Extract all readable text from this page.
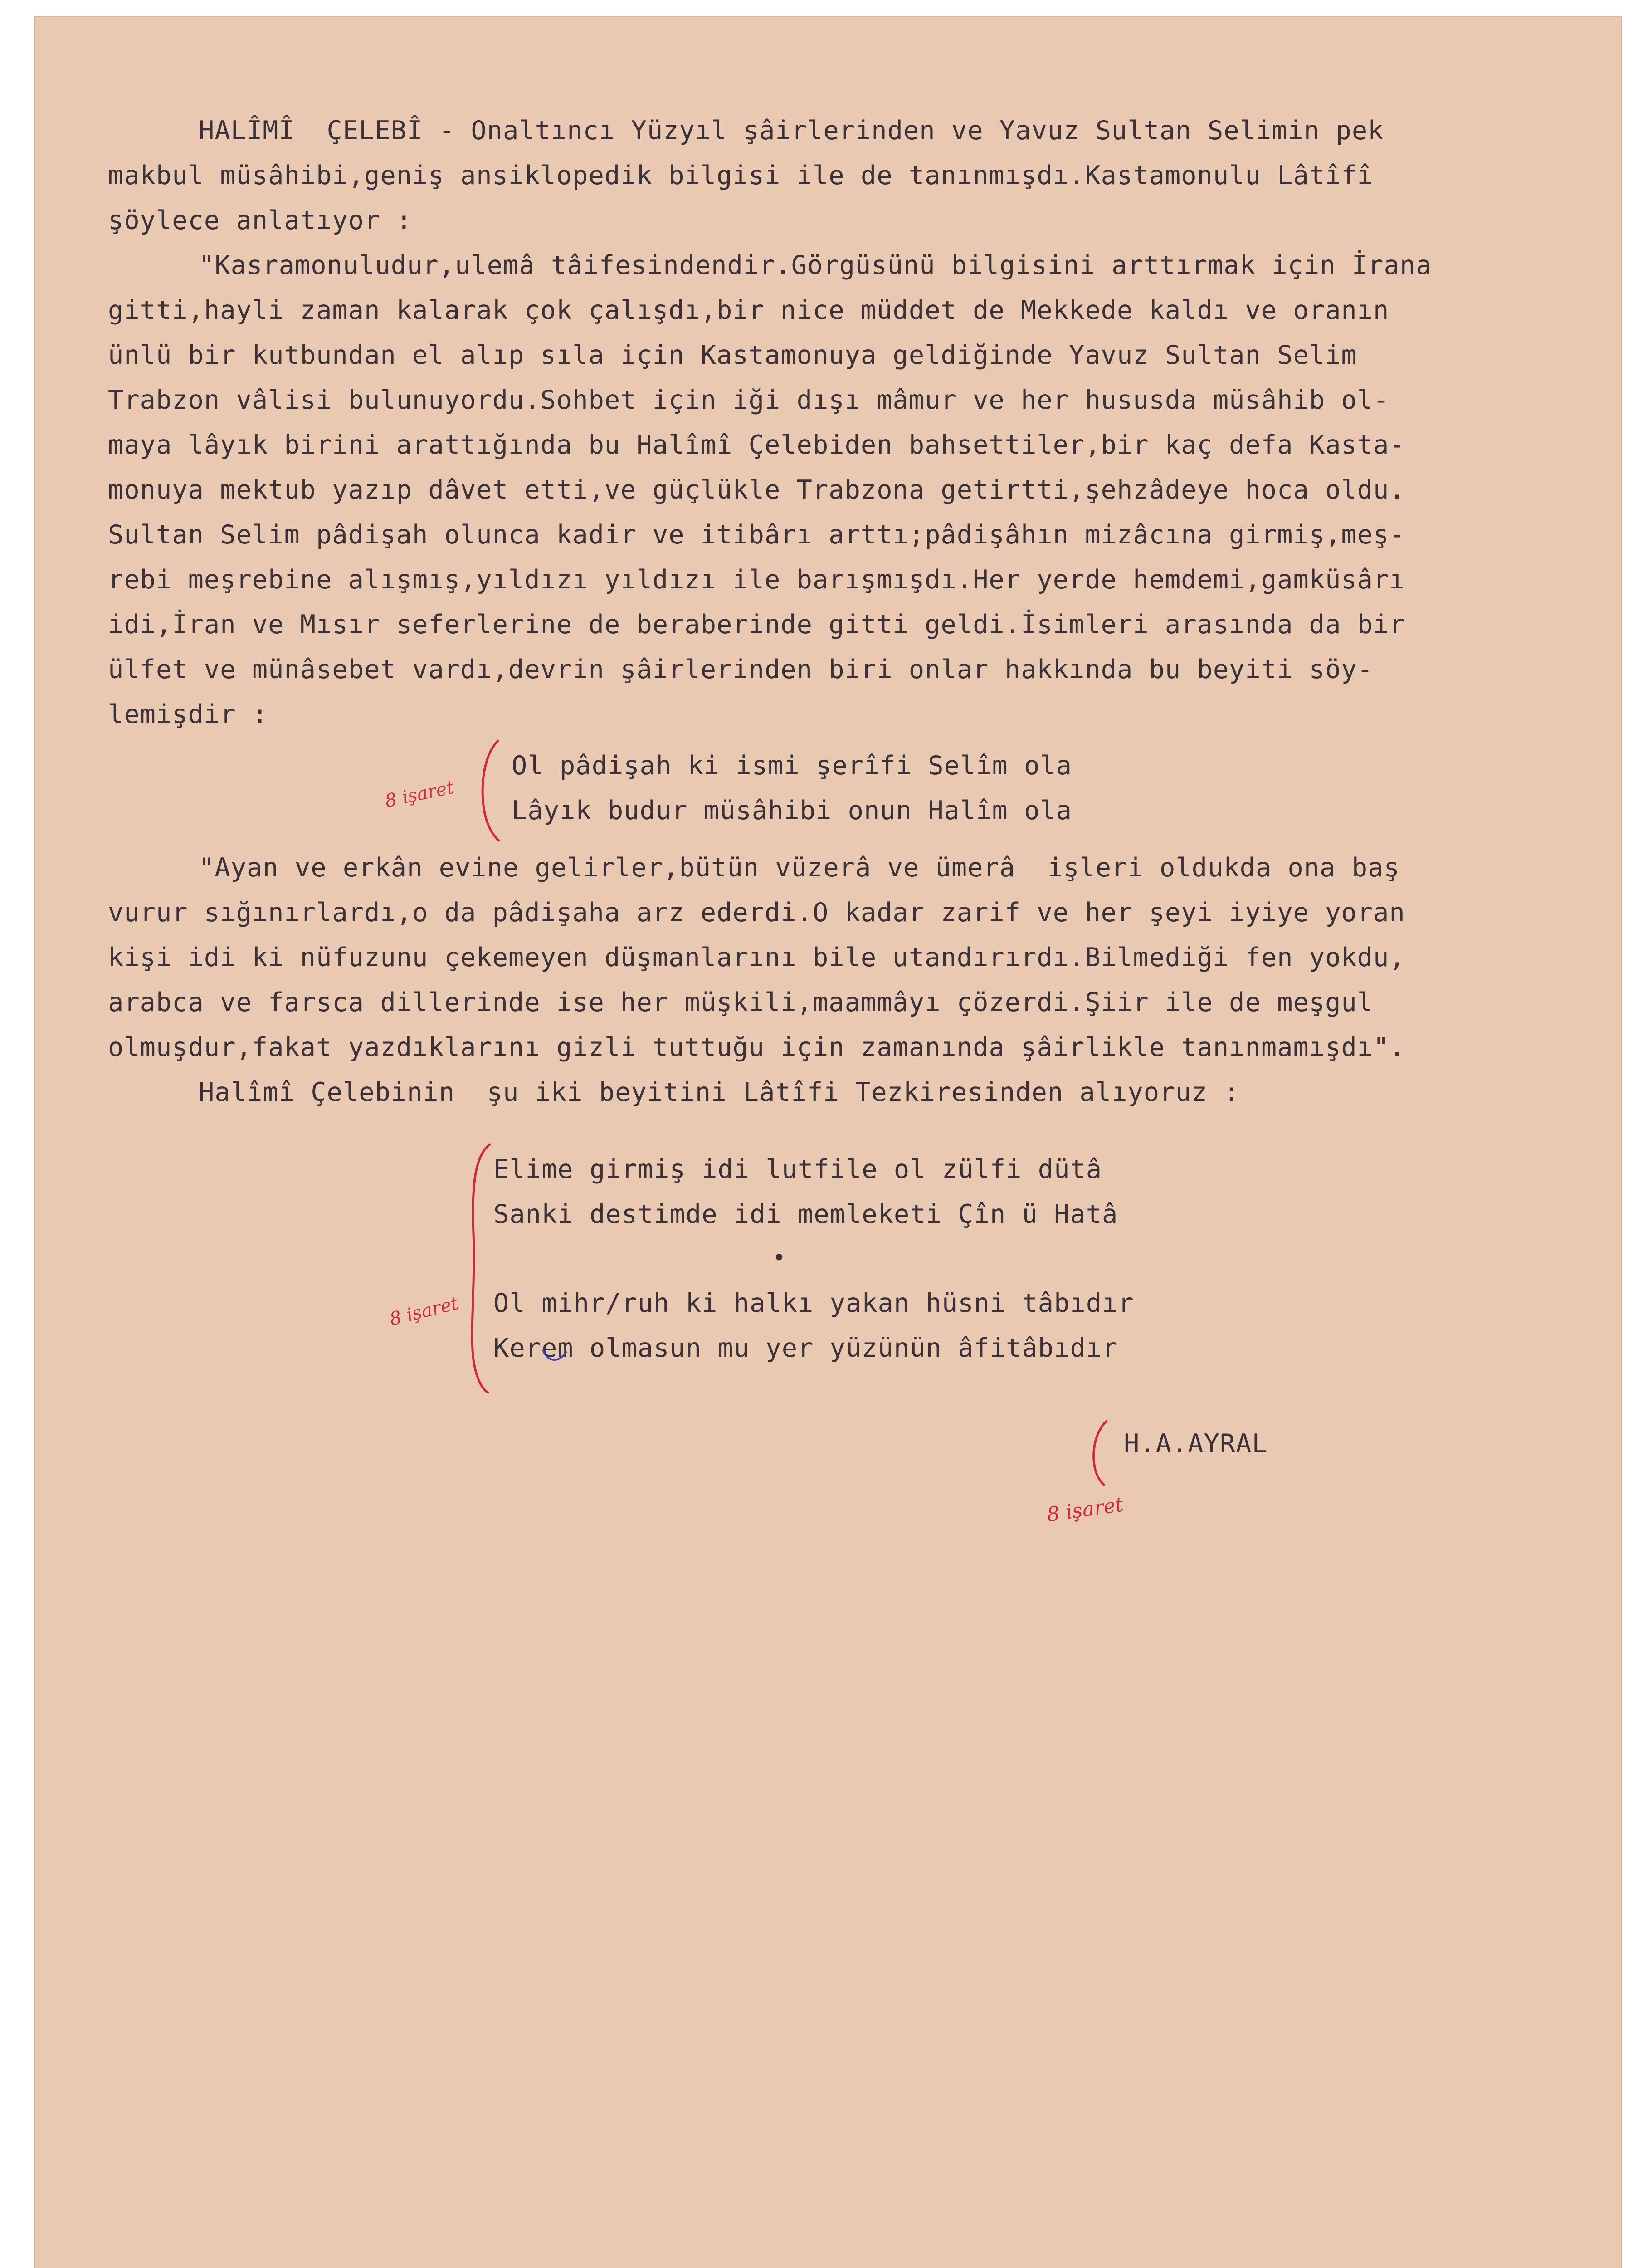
HALÎMÎ  ÇELEBÎ - Onaltıncı Yüzyıl şâirlerinden ve Yavuz Sultan Selimin pek
makbul müsâhibi,geniş ansiklopedik bilgisi ile de tanınmışdı.Kastamonulu Lâtîfî
şöylece anlatıyor :
"Kasramonuludur,ulemâ tâifesindendir.Görgüsünü bilgisini arttırmak için İrana
gitti,hayli zaman kalarak çok çalışdı,bir nice müddet de Mekkede kaldı ve oranın
ünlü bir kutbundan el alıp sıla için Kastamonuya geldiğinde Yavuz Sultan Selim
Trabzon vâlisi bulunuyordu.Sohbet için iği dışı mâmur ve her hususda müsâhib ol-
maya lâyık birini arattığında bu Halîmî Çelebiden bahsettiler,bir kaç defa Kasta-
monuya mektub yazıp dâvet etti,ve güçlükle Trabzona getirtti,şehzâdeye hoca oldu.
Sultan Selim pâdişah olunca kadir ve itibârı arttı;pâdişâhın mizâcına girmiş,meş-
rebi meşrebine alışmış,yıldızı yıldızı ile barışmışdı.Her yerde hemdemi,gamküsârı
idi,İran ve Mısır seferlerine de beraberinde gitti geldi.İsimleri arasında da bir
ülfet ve münâsebet vardı,devrin şâirlerinden biri onlar hakkında bu beyiti söy-
lemişdir :
Ol pâdişah ki ismi şerîfi Selîm ola
Lâyık budur müsâhibi onun Halîm ola
8 işaret
"Ayan ve erkân evine gelirler,bütün vüzerâ ve ümerâ  işleri oldukda ona baş
vurur sığınırlardı,o da pâdişaha arz ederdi.O kadar zarif ve her şeyi iyiye yoran
kişi idi ki nüfuzunu çekemeyen düşmanlarını bile utandırırdı.Bilmediği fen yokdu,
arabca ve farsca dillerinde ise her müşkili,maammâyı çözerdi.Şiir ile de meşgul
olmuşdur,fakat yazdıklarını gizli tuttuğu için zamanında şâirlikle tanınmamışdı".
Halîmî Çelebinin  şu iki beyitini Lâtîfi Tezkiresinden alıyoruz :
Elime girmiş idi lutfile ol zülfi dütâ
Sanki destimde idi memleketi Çîn ü Hatâ
•
Ol mihr/ruh ki halkı yakan hüsni tâbıdır
Kerem olmasun mu yer yüzünün âfitâbıdır
8 işaret
H.A.AYRAL
8 işaret
